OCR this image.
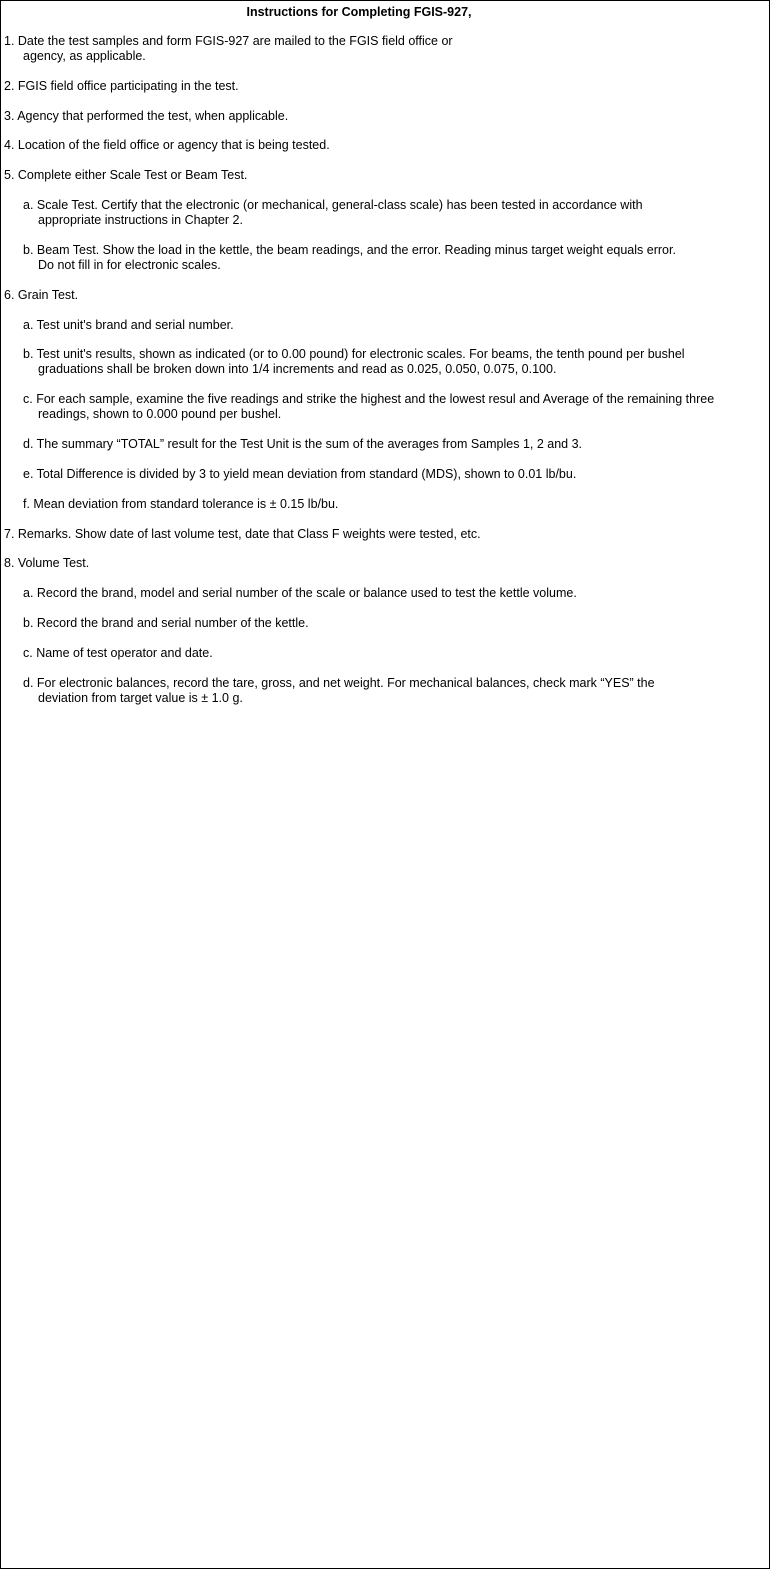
Instructions for Completing FGIS-927,
1. Date the test samples and form FGIS-927 are mailed to the FGIS field office or
agency, as applicable.
2. FGIS field office participating in the test.
3. Agency that performed the test, when applicable.
4. Location of the field office or agency that is being tested.
5. Complete either Scale Test or Beam Test.
a. Scale Test. Certify that the electronic (or mechanical, general-class scale) has been tested in accordance with
appropriate instructions in Chapter 2.
b. Beam Test. Show the load in the kettle, the beam readings, and the error. Reading minus target weight equals error.
Do not fill in for electronic scales.
6. Grain Test.
a. Test unit's brand and serial number.
b. Test unit's results, shown as indicated (or to 0.00 pound) for electronic scales. For beams, the tenth pound per bushel
graduations shall be broken down into 1/4 increments and read as 0.025, 0.050, 0.075, 0.100.
c. For each sample, examine the five readings and strike the highest and the lowest resul and Average of the remaining three
readings, shown to 0.000 pound per bushel.
d. The summary “TOTAL” result for the Test Unit is the sum of the averages from Samples 1, 2 and 3.
e. Total Difference is divided by 3 to yield mean deviation from standard (MDS), shown to 0.01 lb/bu.
f. Mean deviation from standard tolerance is ± 0.15 lb/bu.
7. Remarks. Show date of last volume test, date that Class F weights were tested, etc.
8. Volume Test.
a. Record the brand, model and serial number of the scale or balance used to test the kettle volume.
b. Record the brand and serial number of the kettle.
c. Name of test operator and date.
d. For electronic balances, record the tare, gross, and net weight. For mechanical balances, check mark “YES” the
deviation from target value is ± 1.0 g.
